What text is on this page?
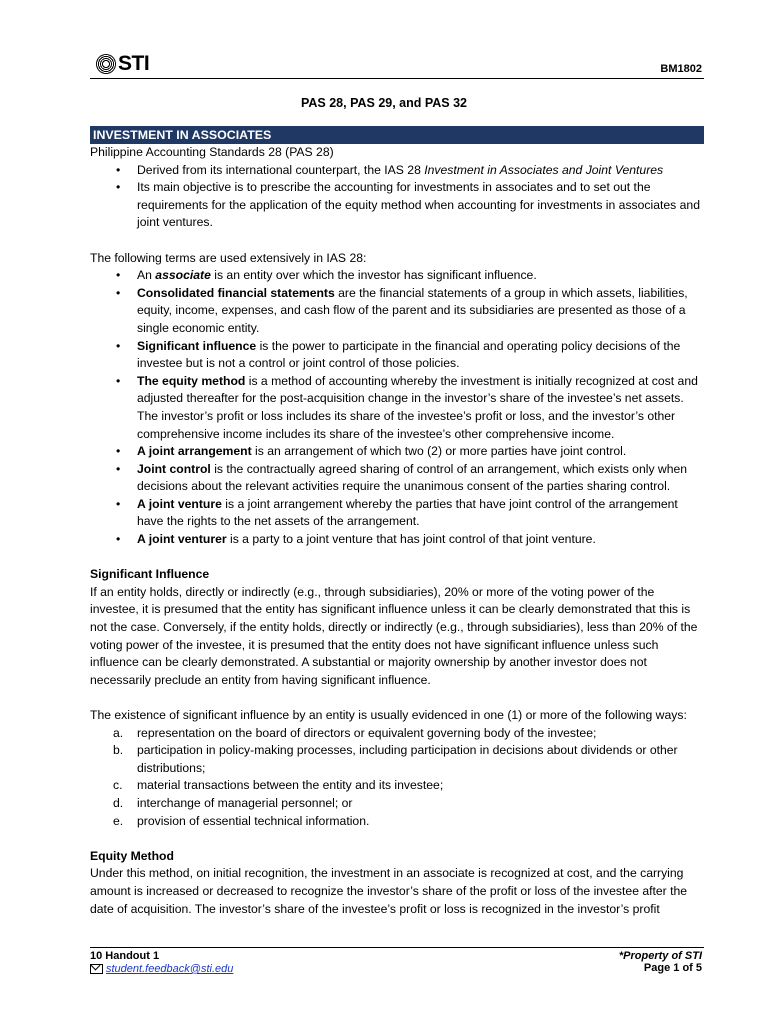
STI	BM1802
PAS 28, PAS 29, and PAS 32
INVESTMENT IN ASSOCIATES

Philippine Accounting Standards 28 (PAS 28)

• Derived from its international counterpart, the IAS 28 Investment in Associates and Joint Ventures
• Its main objective is to prescribe the accounting for investments in associates and to set out the requirements for the application of the equity method when accounting for investments in associates and joint ventures.

The following terms are used extensively in IAS 28:

• An associate is an entity over which the investor has significant influence.
• Consolidated financial statements are the financial statements of a group in which assets, liabilities, equity, income, expenses, and cash flow of the parent and its subsidiaries are presented as those of a single economic entity.
• Significant influence is the power to participate in the financial and operating policy decisions of the investee but is not a control or joint control of those policies.
• The equity method is a method of accounting whereby the investment is initially recognized at cost and adjusted thereafter for the post-acquisition change in the investor’s share of the investee’s net assets. The investor’s profit or loss includes its share of the investee’s profit or loss, and the investor’s other comprehensive income includes its share of the investee’s other comprehensive income.
• A joint arrangement is an arrangement of which two (2) or more parties have joint control.
• Joint control is the contractually agreed sharing of control of an arrangement, which exists only when decisions about the relevant activities require the unanimous consent of the parties sharing control.
• A joint venture is a joint arrangement whereby the parties that have joint control of the arrangement have the rights to the net assets of the arrangement.
• A joint venturer is a party to a joint venture that has joint control of that joint venture.

Significant Influence

If an entity holds, directly or indirectly (e.g., through subsidiaries), 20% or more of the voting power of the investee, it is presumed that the entity has significant influence unless it can be clearly demonstrated that this is not the case. Conversely, if the entity holds, directly or indirectly (e.g., through subsidiaries), less than 20% of the voting power of the investee, it is presumed that the entity does not have significant influence unless such influence can be clearly demonstrated. A substantial or majority ownership by another investor does not necessarily preclude an entity from having significant influence.

The existence of significant influence by an entity is usually evidenced in one (1) or more of the following ways:

a. representation on the board of directors or equivalent governing body of the investee;
b. participation in policy-making processes, including participation in decisions about dividends or other distributions;
c. material transactions between the entity and its investee;
d. interchange of managerial personnel; or
e. provision of essential technical information.

Equity Method

Under this method, on initial recognition, the investment in an associate is recognized at cost, and the carrying amount is increased or decreased to recognize the investor’s share of the profit or loss of the investee after the date of acquisition. The investor’s share of the investee’s profit or loss is recognized in the investor’s profit

10 Handout 1
student.feedback@sti.edu
*Property of STI
Page 1 of 5
